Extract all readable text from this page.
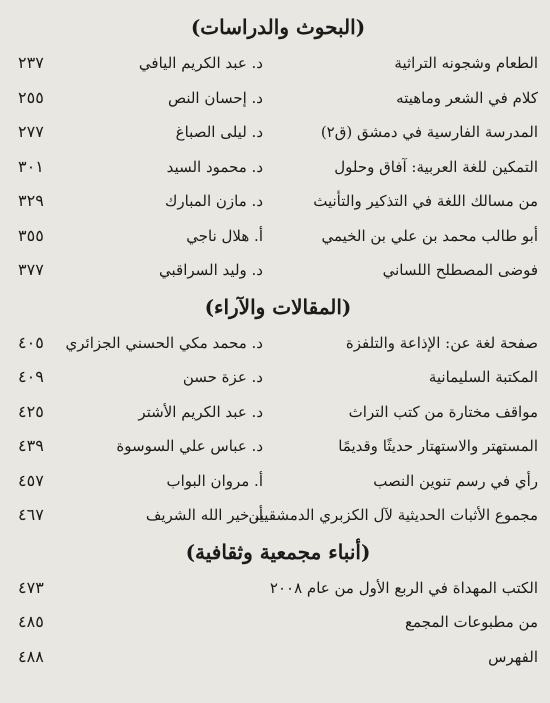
(البحوث والدراسات)
الطعام وشجونه التراثية
د. عبد الكريم اليافي
٢٣٧
كلام في الشعر وماهيته
د. إحسان النص
٢٥٥
المدرسة الفارسية في دمشق (ق٢)
د. ليلى الصباغ
٢٧٧
التمكين للغة العربية: آفاق وحلول
د. محمود السيد
٣٠١
من مسالك اللغة في التذكير والتأنيث
د. مازن المبارك
٣٢٩
أبو طالب محمد بن علي بن الخيمي
أ. هلال ناجي
٣٥٥
فوضى المصطلح اللساني
د. وليد السراقبي
٣٧٧
(المقالات والآراء)
صفحة لغة عن: الإذاعة والتلفزة
د. محمد مكي الحسني الجزائري
٤٠٥
المكتبة السليمانية
د. عزة حسن
٤٠٩
مواقف مختارة من كتب التراث
د. عبد الكريم الأشتر
٤٢٥
المستهتر والاستهتار حديثًا وقديمًا
د. عباس علي السوسوة
٤٣٩
رأي في رسم تنوين النصب
أ. مروان البواب
٤٥٧
مجموع الأثبات الحديثية لآل الكزبري الدمشقيين
أ. خير الله الشريف
٤٦٧
(أنباء مجمعية وثقافية)
الكتب المهداة في الربع الأول من عام ٢٠٠٨
٤٧٣
من مطبوعات المجمع
٤٨٥
الفهرس
٤٨٨
